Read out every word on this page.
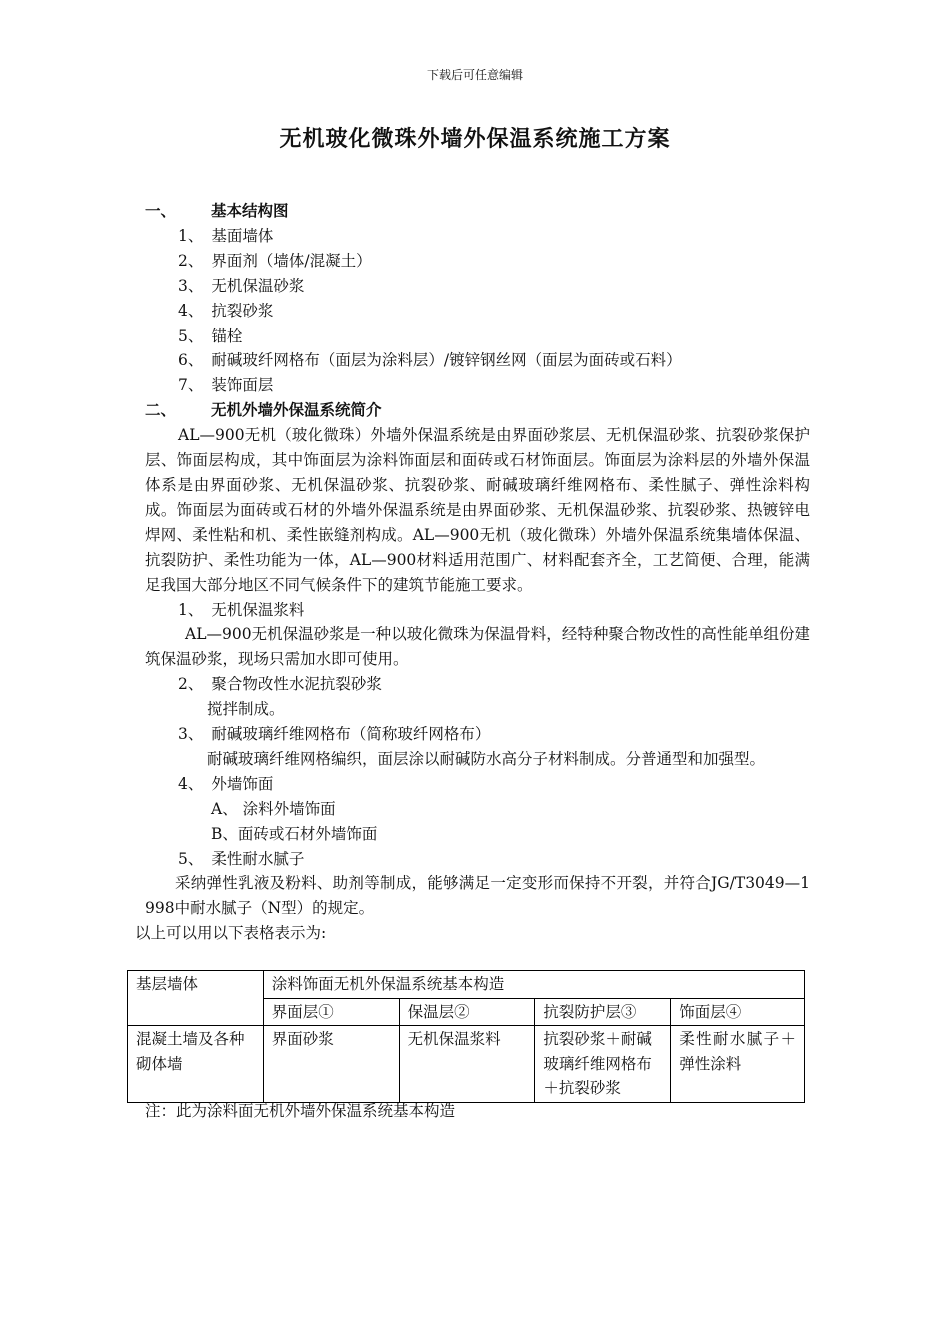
下载后可任意编辑
无机玻化微珠外墙外保温系统施工方案
一、 基本结构图
1、 基面墙体
2、 界面剂（墙体/混凝土）
3、 无机保温砂浆
4、 抗裂砂浆
5、 锚栓
6、 耐碱玻纤网格布（面层为涂料层）/镀锌钢丝网（面层为面砖或石料）
7、 装饰面层
二、 无机外墙外保温系统简介
AL—900无机（玻化微珠）外墙外保温系统是由界面砂浆层、无机保温砂浆、抗裂砂浆保护层、饰面层构成，其中饰面层为涂料饰面层和面砖或石材饰面层。饰面层为涂料层的外墙外保温体系是由界面砂浆、无机保温砂浆、抗裂砂浆、耐碱玻璃纤维网格布、柔性腻子、弹性涂料构成。饰面层为面砖或石材的外墙外保温系统是由界面砂浆、无机保温砂浆、抗裂砂浆、热镀锌电焊网、柔性粘和机、柔性嵌缝剂构成。AL—900无机（玻化微珠）外墙外保温系统集墙体保温、抗裂防护、柔性功能为一体，AL—900材料适用范围广、材料配套齐全，工艺简便、合理，能满足我国大部分地区不同气候条件下的建筑节能施工要求。
1、 无机保温浆料
AL—900无机保温砂浆是一种以玻化微珠为保温骨料，经特种聚合物改性的高性能单组份建筑保温砂浆，现场只需加水即可使用。
2、 聚合物改性水泥抗裂砂浆
搅拌制成。
3、 耐碱玻璃纤维网格布（简称玻纤网格布）
耐碱玻璃纤维网格编织，面层涂以耐碱防水高分子材料制成。分普通型和加强型。
4、 外墙饰面
A、 涂料外墙饰面
B、面砖或石材外墙饰面
5、 柔性耐水腻子
采纳弹性乳液及粉料、助剂等制成，能够满足一定变形而保持不开裂，并符合JG/T3049—1998中耐水腻子（N型）的规定。
以上可以用以下表格表示为:
基层墙体	涂料饰面无机外保温系统基本构造			
	界面层①	保温层②	抗裂防护层③	饰面层④
混凝土墙及各种砌体墙	界面砂浆	无机保温浆料	抗裂砂浆＋耐碱玻璃纤维网格布＋抗裂砂浆	柔性耐水腻子＋弹性涂料
注：此为涂料面无机外墙外保温系统基本构造
